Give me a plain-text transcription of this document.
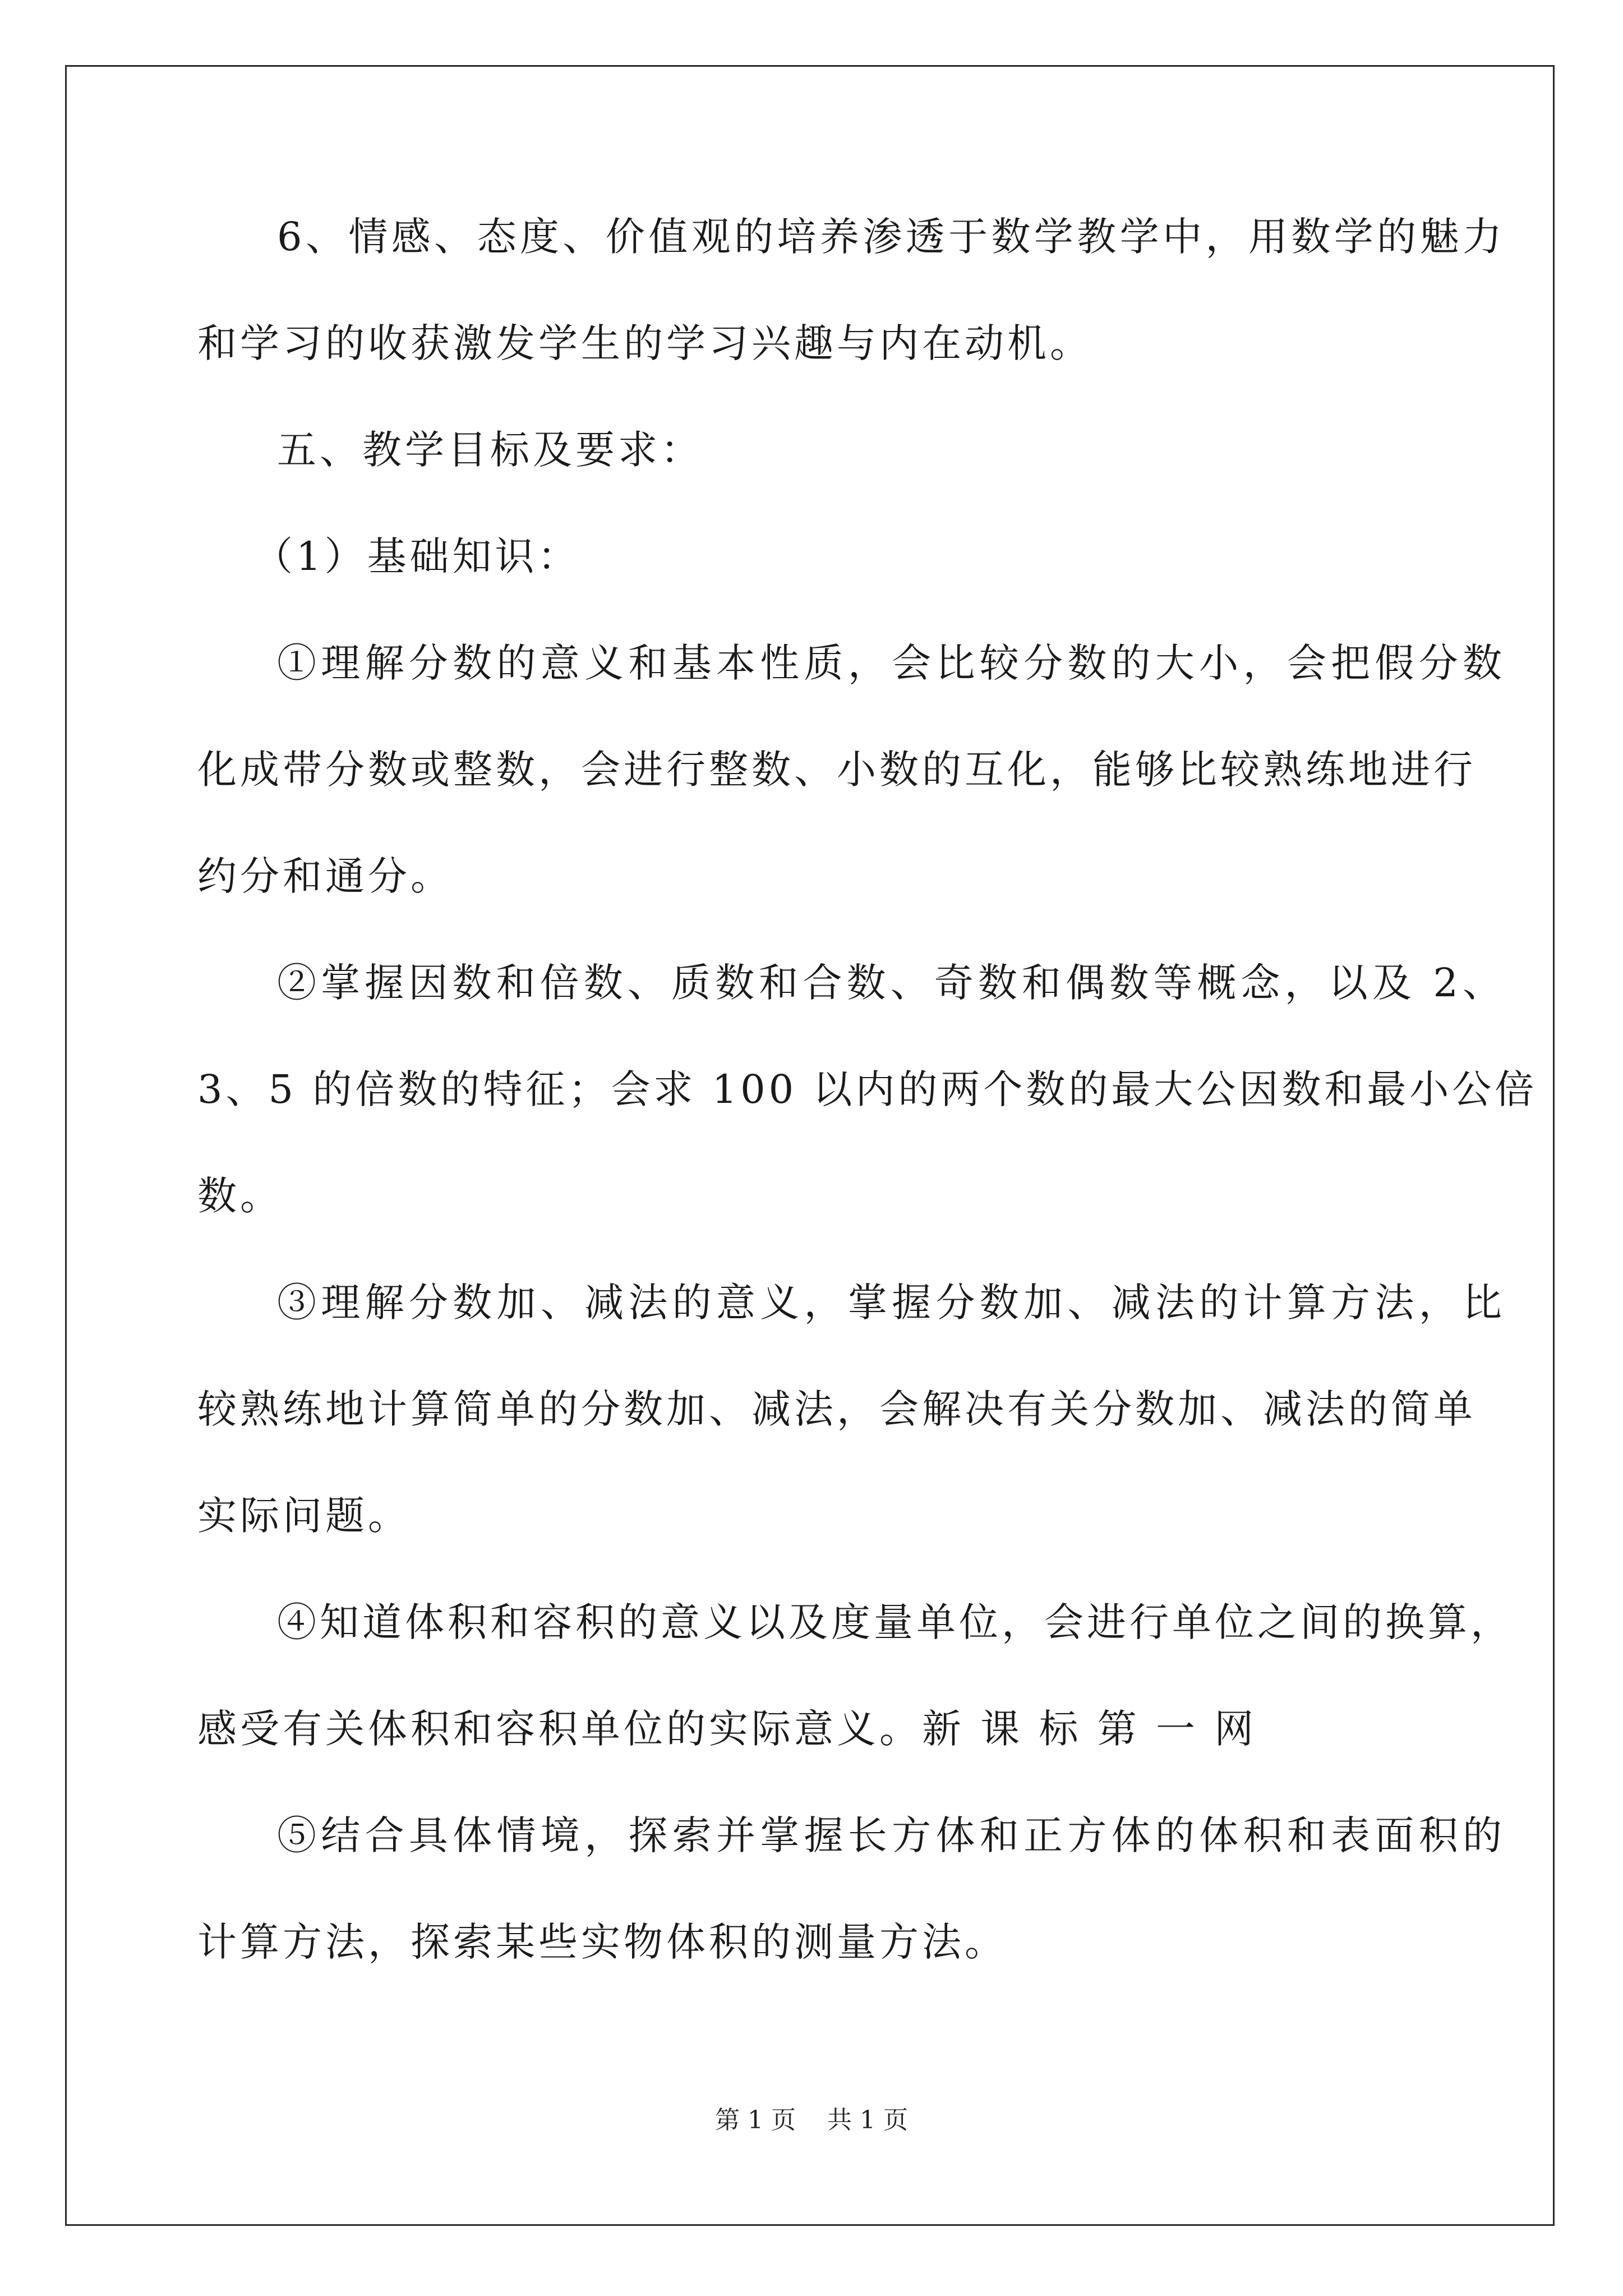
6、情感、态度、价值观的培养渗透于数学教学中，用数学的魅力
和学习的收获激发学生的学习兴趣与内在动机。
五、教学目标及要求：
（1）基础知识：
①理解分数的意义和基本性质，会比较分数的大小，会把假分数
化成带分数或整数，会进行整数、小数的互化，能够比较熟练地进行
约分和通分。
②掌握因数和倍数、质数和合数、奇数和偶数等概念，以及 2、
3、5 的倍数的特征；会求 100 以内的两个数的最大公因数和最小公倍
数。
③理解分数加、减法的意义，掌握分数加、减法的计算方法，比
较熟练地计算简单的分数加、减法，会解决有关分数加、减法的简单
实际问题。
④知道体积和容积的意义以及度量单位，会进行单位之间的换算，
感受有关体积和容积单位的实际意义。新 课 标 第 一 网
⑤结合具体情境，探索并掌握长方体和正方体的体积和表面积的
计算方法，探索某些实物体积的测量方法。
第 1 页 共 1 页
